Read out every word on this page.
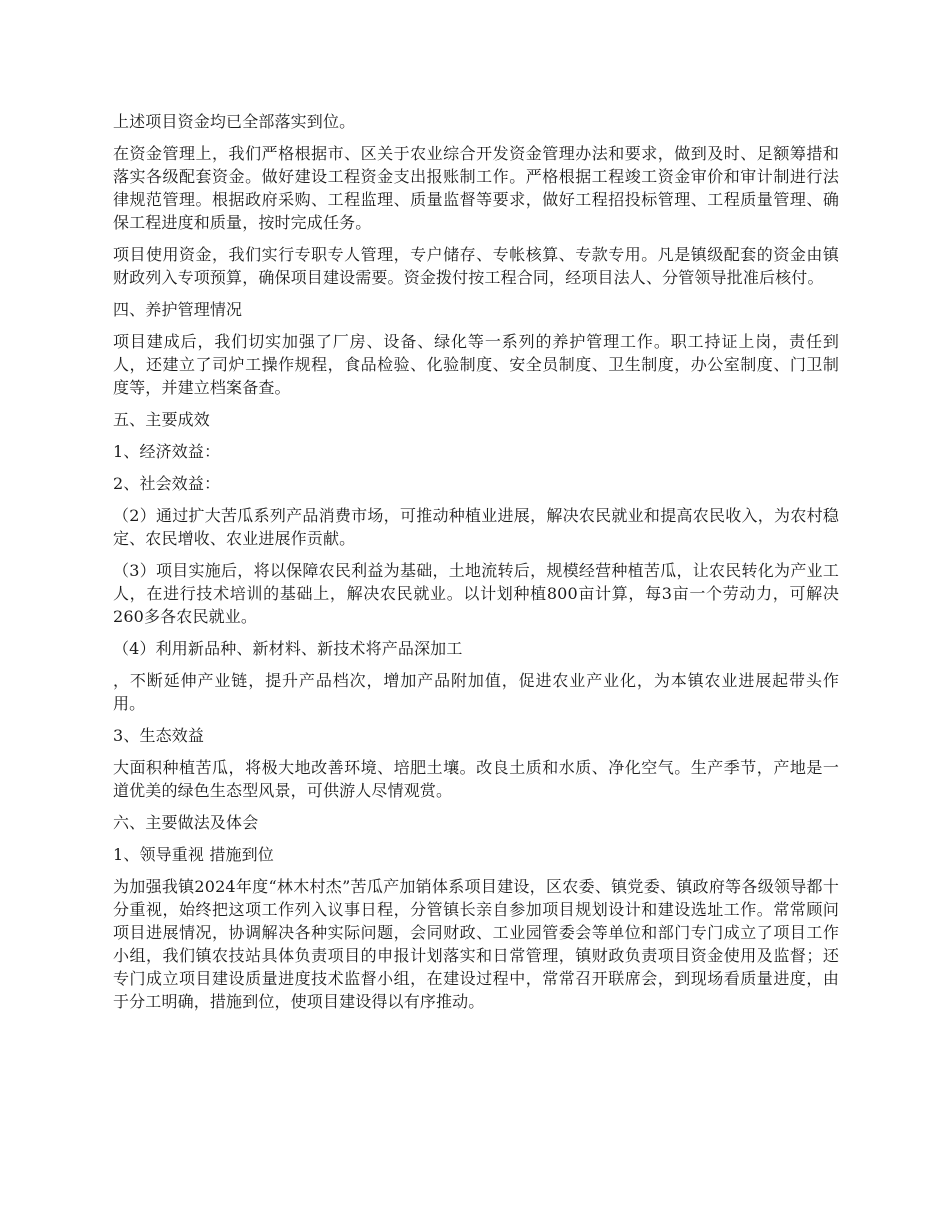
上述项目资金均已全部落实到位。

在资金管理上，我们严格根据市、区关于农业综合开发资金管理办法和要求，做到及时、足额筹措和落实各级配套资金。做好建设工程资金支出报账制工作。严格根据工程竣工资金审价和审计制进行法律规范管理。根据政府采购、工程监理、质量监督等要求，做好工程招投标管理、工程质量管理、确保工程进度和质量，按时完成任务。

项目使用资金，我们实行专职专人管理，专户储存、专帐核算、专款专用。凡是镇级配套的资金由镇财政列入专项预算，确保项目建设需要。资金拨付按工程合同，经项目法人、分管领导批准后核付。

四、养护管理情况

项目建成后，我们切实加强了厂房、设备、绿化等一系列的养护管理工作。职工持证上岗，责任到人，还建立了司炉工操作规程，食品检验、化验制度、安全员制度、卫生制度，办公室制度、门卫制度等，并建立档案备查。

五、主要成效

1、经济效益：

2、社会效益：

（2）通过扩大苦瓜系列产品消费市场，可推动种植业进展，解决农民就业和提高农民收入，为农村稳定、农民增收、农业进展作贡献。

（3）项目实施后，将以保障农民利益为基础，土地流转后，规模经营种植苦瓜，让农民转化为产业工人，在进行技术培训的基础上，解决农民就业。以计划种植800亩计算，每3亩一个劳动力，可解决260多各农民就业。

（4）利用新品种、新材料、新技术将产品深加工

，不断延伸产业链，提升产品档次，增加产品附加值，促进农业产业化，为本镇农业进展起带头作用。

3、生态效益

大面积种植苦瓜，将极大地改善环境、培肥土壤。改良土质和水质、净化空气。生产季节，产地是一道优美的绿色生态型风景，可供游人尽情观赏。

六、主要做法及体会

1、领导重视 措施到位

为加强我镇2024年度“林木村杰”苦瓜产加销体系项目建设，区农委、镇党委、镇政府等各级领导都十分重视，始终把这项工作列入议事日程，分管镇长亲自参加项目规划设计和建设选址工作。常常顾问项目进展情况，协调解决各种实际问题，会同财政、工业园管委会等单位和部门专门成立了项目工作小组，我们镇农技站具体负责项目的申报计划落实和日常管理，镇财政负责项目资金使用及监督；还专门成立项目建设质量进度技术监督小组，在建设过程中，常常召开联席会，到现场看质量进度，由于分工明确，措施到位，使项目建设得以有序推动。
